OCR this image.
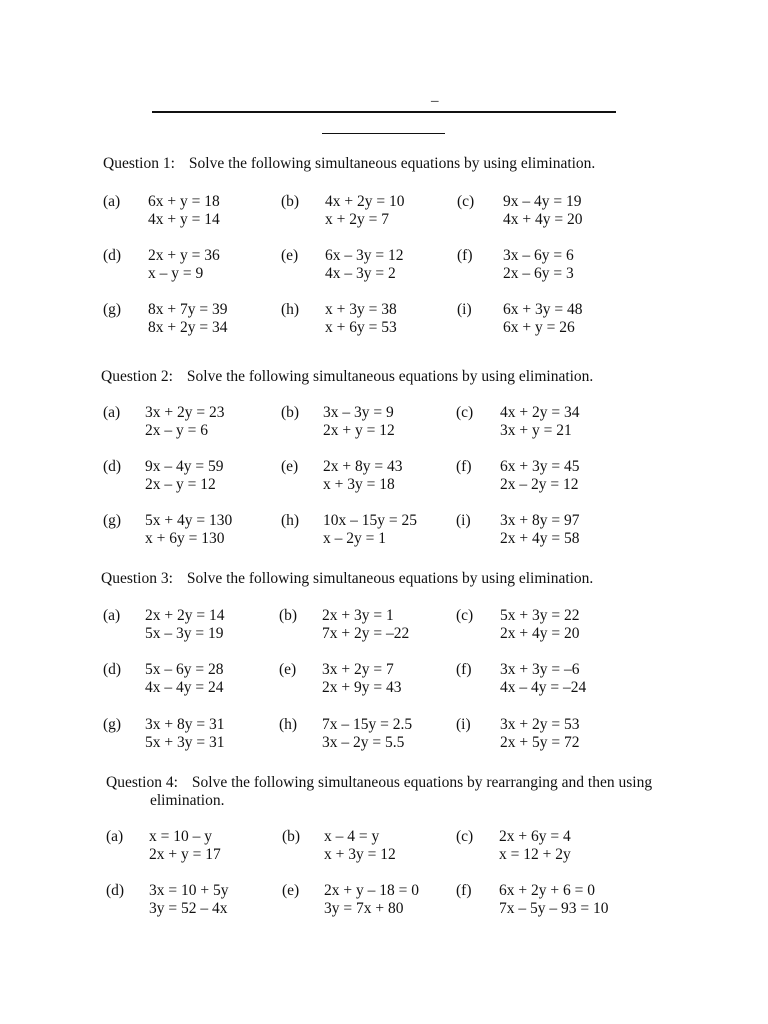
–
Question 1: Solve the following simultaneous equations by using elimination.
(a) 6x + y = 18
4x + y = 14
(b) 4x + 2y = 10
x + 2y = 7
(c) 9x – 4y = 19
4x + 4y = 20
(d) 2x + y = 36
x – y = 9
(e) 6x – 3y = 12
4x – 3y = 2
(f) 3x – 6y = 6
2x – 6y = 3
(g) 8x + 7y = 39
8x + 2y = 34
(h) x + 3y = 38
x + 6y = 53
(i) 6x + 3y = 48
6x + y = 26
Question 2: Solve the following simultaneous equations by using elimination.
(a) 3x + 2y = 23
2x – y = 6
(b) 3x – 3y = 9
2x + y = 12
(c) 4x + 2y = 34
3x + y = 21
(d) 9x – 4y = 59
2x – y = 12
(e) 2x + 8y = 43
x + 3y = 18
(f) 6x + 3y = 45
2x – 2y = 12
(g) 5x + 4y = 130
x + 6y = 130
(h) 10x – 15y = 25
x – 2y = 1
(i) 3x + 8y = 97
2x + 4y = 58
Question 3: Solve the following simultaneous equations by using elimination.
(a) 2x + 2y = 14
5x – 3y = 19
(b) 2x + 3y = 1
7x + 2y = –22
(c) 5x + 3y = 22
2x + 4y = 20
(d) 5x – 6y = 28
4x – 4y = 24
(e) 3x + 2y = 7
2x + 9y = 43
(f) 3x + 3y = –6
4x – 4y = –24
(g) 3x + 8y = 31
5x + 3y = 31
(h) 7x – 15y = 2.5
3x – 2y = 5.5
(i) 3x + 2y = 53
2x + 5y = 72
Question 4: Solve the following simultaneous equations by rearranging and then using
elimination.
(a) x = 10 – y
2x + y = 17
(b) x – 4 = y
x + 3y = 12
(c) 2x + 6y = 4
x = 12 + 2y
(d) 3x = 10 + 5y
3y = 52 – 4x
(e) 2x + y – 18 = 0
3y = 7x + 80
(f) 6x + 2y + 6 = 0
7x – 5y – 93 = 10
